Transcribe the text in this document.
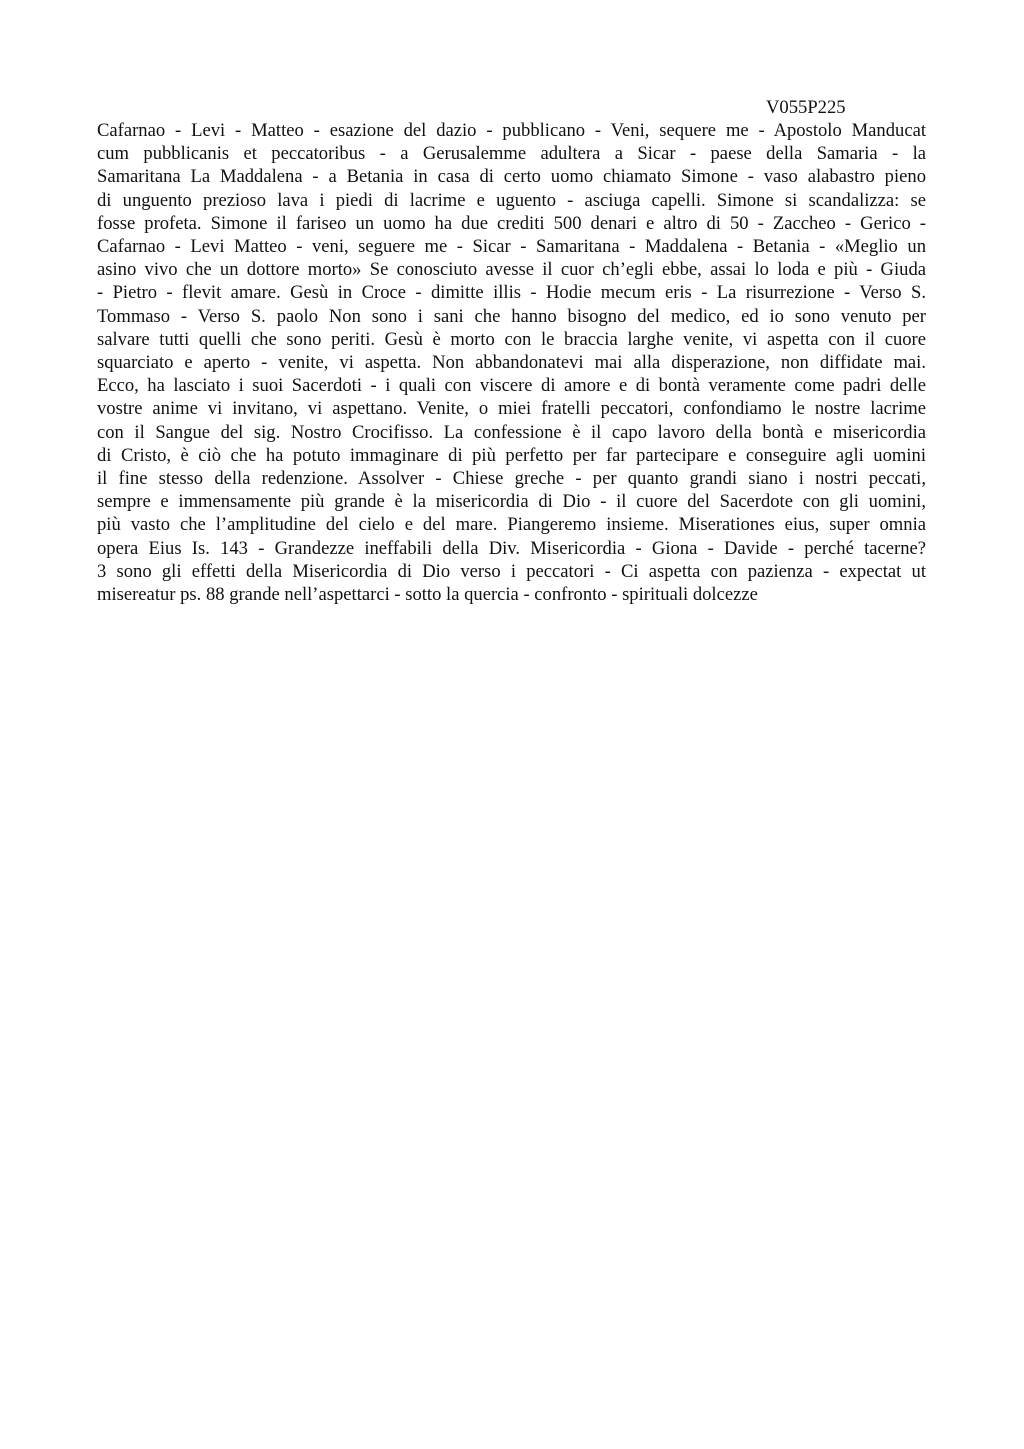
V055P225
Cafarnao - Levi - Matteo - esazione del dazio - pubblicano - Veni, sequere me - Apostolo Manducat
cum pubblicanis et peccatoribus - a Gerusalemme adultera a Sicar - paese della Samaria - la
Samaritana La Maddalena - a Betania in casa di certo uomo chiamato Simone - vaso alabastro pieno
di unguento prezioso lava i piedi di lacrime e uguento - asciuga capelli. Simone si scandalizza: se
fosse profeta. Simone il fariseo un uomo ha due crediti 500 denari e altro di 50 - Zaccheo - Gerico -
Cafarnao - Levi Matteo - veni, seguere me - Sicar - Samaritana - Maddalena - Betania - «Meglio un
asino vivo che un dottore morto» Se conosciuto avesse il cuor ch’egli ebbe, assai lo loda e più - Giuda
- Pietro - flevit amare. Gesù in Croce - dimitte illis - Hodie mecum eris - La risurrezione - Verso S.
Tommaso - Verso S. paolo Non sono i sani che hanno bisogno del medico, ed io sono venuto per
salvare tutti quelli che sono periti. Gesù è morto con le braccia larghe venite, vi aspetta con il cuore
squarciato e aperto - venite, vi aspetta. Non abbandonatevi mai alla disperazione, non diffidate mai.
Ecco, ha lasciato i suoi Sacerdoti - i quali con viscere di amore e di bontà veramente come padri delle
vostre anime vi invitano, vi aspettano. Venite, o miei fratelli peccatori, confondiamo le nostre lacrime
con il Sangue del sig. Nostro Crocifisso. La confessione è il capo lavoro della bontà e misericordia
di Cristo, è ciò che ha potuto immaginare di più perfetto per far partecipare e conseguire agli uomini
il fine stesso della redenzione. Assolver - Chiese greche - per quanto grandi siano i nostri peccati,
sempre e immensamente più grande è la misericordia di Dio - il cuore del Sacerdote con gli uomini,
più vasto che l’amplitudine del cielo e del mare. Piangeremo insieme. Miserationes eius, super omnia
opera Eius Is. 143 - Grandezze ineffabili della Div. Misericordia - Giona - Davide - perché tacerne?
3 sono gli effetti della Misericordia di Dio verso i peccatori - Ci aspetta con pazienza - expectat ut
misereatur ps. 88 grande nell’aspettarci - sotto la quercia - confronto - spirituali dolcezze
